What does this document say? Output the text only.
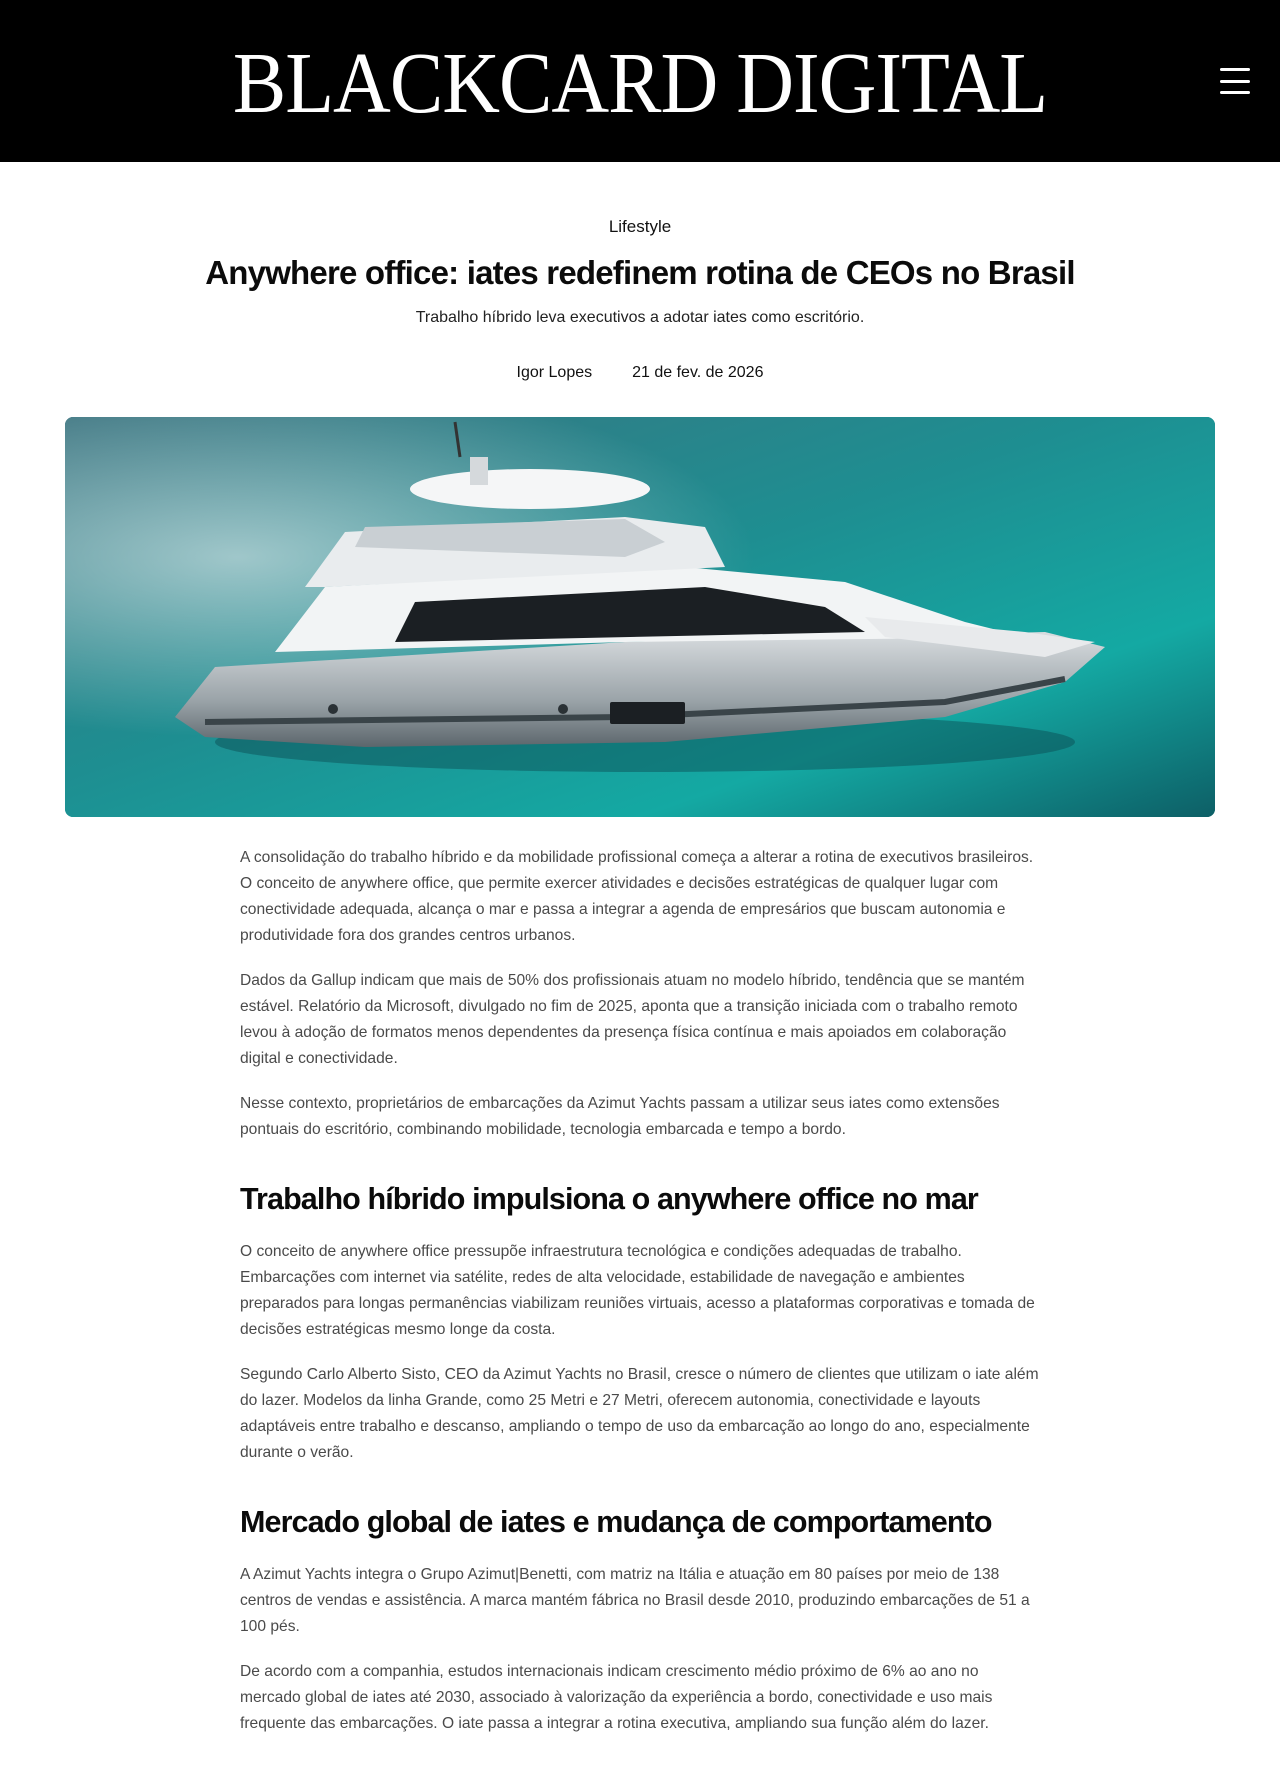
BLACKCARD DIGITAL
Lifestyle
Anywhere office: iates redefinem rotina de CEOs no Brasil

Trabalho híbrido leva executivos a adotar iates como escritório.

Igor Lopes	21 de fev. de 2026

A consolidação do trabalho híbrido e da mobilidade profissional começa a alterar a rotina de executivos brasileiros. O conceito de anywhere office, que permite exercer atividades e decisões estratégicas de qualquer lugar com conectividade adequada, alcança o mar e passa a integrar a agenda de empresários que buscam autonomia e produtividade fora dos grandes centros urbanos.

Dados da Gallup indicam que mais de 50% dos profissionais atuam no modelo híbrido, tendência que se mantém estável. Relatório da Microsoft, divulgado no fim de 2025, aponta que a transição iniciada com o trabalho remoto levou à adoção de formatos menos dependentes da presença física contínua e mais apoiados em colaboração digital e conectividade.

Nesse contexto, proprietários de embarcações da Azimut Yachts passam a utilizar seus iates como extensões pontuais do escritório, combinando mobilidade, tecnologia embarcada e tempo a bordo.

Trabalho híbrido impulsiona o anywhere office no mar

O conceito de anywhere office pressupõe infraestrutura tecnológica e condições adequadas de trabalho. Embarcações com internet via satélite, redes de alta velocidade, estabilidade de navegação e ambientes preparados para longas permanências viabilizam reuniões virtuais, acesso a plataformas corporativas e tomada de decisões estratégicas mesmo longe da costa.

Segundo Carlo Alberto Sisto, CEO da Azimut Yachts no Brasil, cresce o número de clientes que utilizam o iate além do lazer. Modelos da linha Grande, como 25 Metri e 27 Metri, oferecem autonomia, conectividade e layouts adaptáveis entre trabalho e descanso, ampliando o tempo de uso da embarcação ao longo do ano, especialmente durante o verão.

Mercado global de iates e mudança de comportamento

A Azimut Yachts integra o Grupo Azimut|Benetti, com matriz na Itália e atuação em 80 países por meio de 138 centros de vendas e assistência. A marca mantém fábrica no Brasil desde 2010, produzindo embarcações de 51 a 100 pés.

De acordo com a companhia, estudos internacionais indicam crescimento médio próximo de 6% ao ano no mercado global de iates até 2030, associado à valorização da experiência a bordo, conectividade e uso mais frequente das embarcações. O iate passa a integrar a rotina executiva, ampliando sua função além do lazer.
